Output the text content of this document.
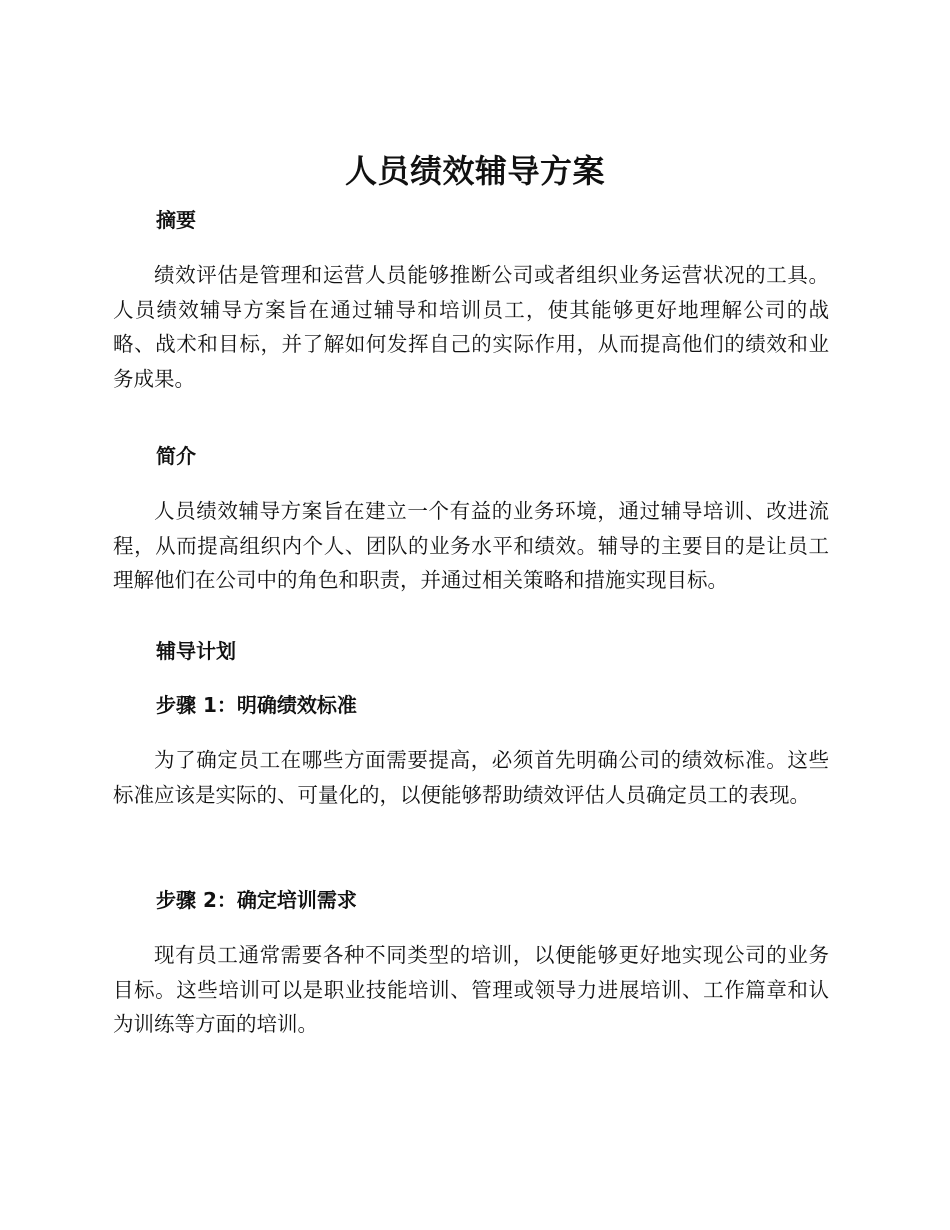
人员绩效辅导方案
摘要

绩效评估是管理和运营人员能够推断公司或者组织业务运营状况的工具。人员绩效辅导方案旨在通过辅导和培训员工，使其能够更好地理解公司的战略、战术和目标，并了解如何发挥自己的实际作用，从而提高他们的绩效和业务成果。

简介

人员绩效辅导方案旨在建立一个有益的业务环境，通过辅导培训、改进流程，从而提高组织内个人、团队的业务水平和绩效。辅导的主要目的是让员工理解他们在公司中的角色和职责，并通过相关策略和措施实现目标。

辅导计划
步骤 1：明确绩效标准

为了确定员工在哪些方面需要提高，必须首先明确公司的绩效标准。这些标准应该是实际的、可量化的，以便能够帮助绩效评估人员确定员工的表现。

步骤 2：确定培训需求

现有员工通常需要各种不同类型的培训，以便能够更好地实现公司的业务目标。这些培训可以是职业技能培训、管理或领导力进展培训、工作篇章和认为训练等方面的培训。
